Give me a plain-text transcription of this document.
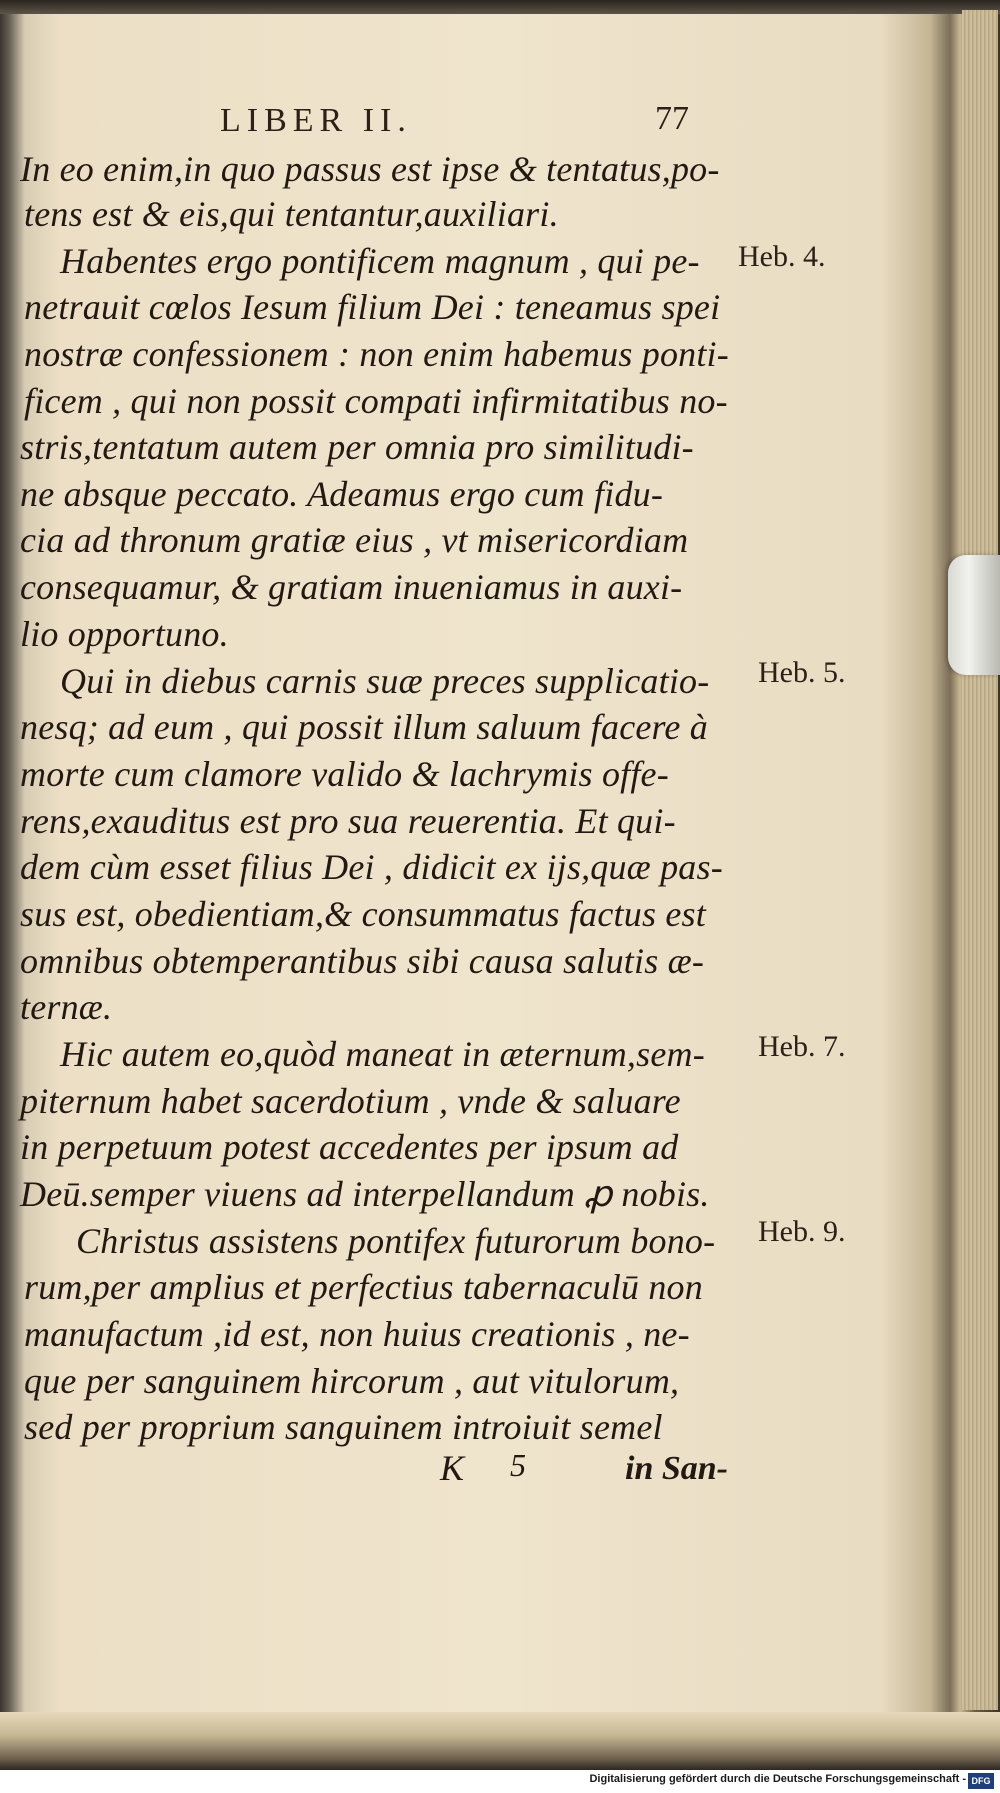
LIBER II.	77
In eo enim,in quo passus est ipse & tentatus,po-
tens est & eis,qui tentantur,auxiliari.
Habentes ergo pontificem magnum , qui pe-
netrauit cœlos Iesum filium Dei : teneamus spei
nostræ confessionem : non enim habemus ponti-
ficem , qui non possit compati infirmitatibus no-
stris,tentatum autem per omnia pro similitudi-
ne absque peccato. Adeamus ergo cum fidu-
cia ad thronum gratiæ eius , vt misericordiam
consequamur, & gratiam inueniamus in auxi-
lio opportuno.
Qui in diebus carnis suæ preces supplicatio-
nesq; ad eum , qui possit illum saluum facere à
morte cum clamore valido & lachrymis offe-
rens,exauditus est pro sua reuerentia. Et qui-
dem cùm esset filius Dei , didicit ex ijs,quæ pas-
sus est, obedientiam,& consummatus factus est
omnibus obtemperantibus sibi causa salutis æ-
ternæ.
Hic autem eo,quòd maneat in æternum,sem-
piternum habet sacerdotium , vnde & saluare
in perpetuum potest accedentes per ipsum ad
Deū.semper viuens ad interpellandum ꝓ nobis.
Christus assistens pontifex futurorum bono-
rum,per amplius et perfectius tabernaculū non
manufactum ,id est, non huius creationis , ne-
que per sanguinem hircorum , aut vitulorum,
sed per proprium sanguinem introiuit semel
Heb. 4.
Heb. 5.
Heb. 7.
Heb. 9.
K 5	in San-
Digitalisierung gefördert durch die Deutsche Forschungsgemeinschaft - DFG
